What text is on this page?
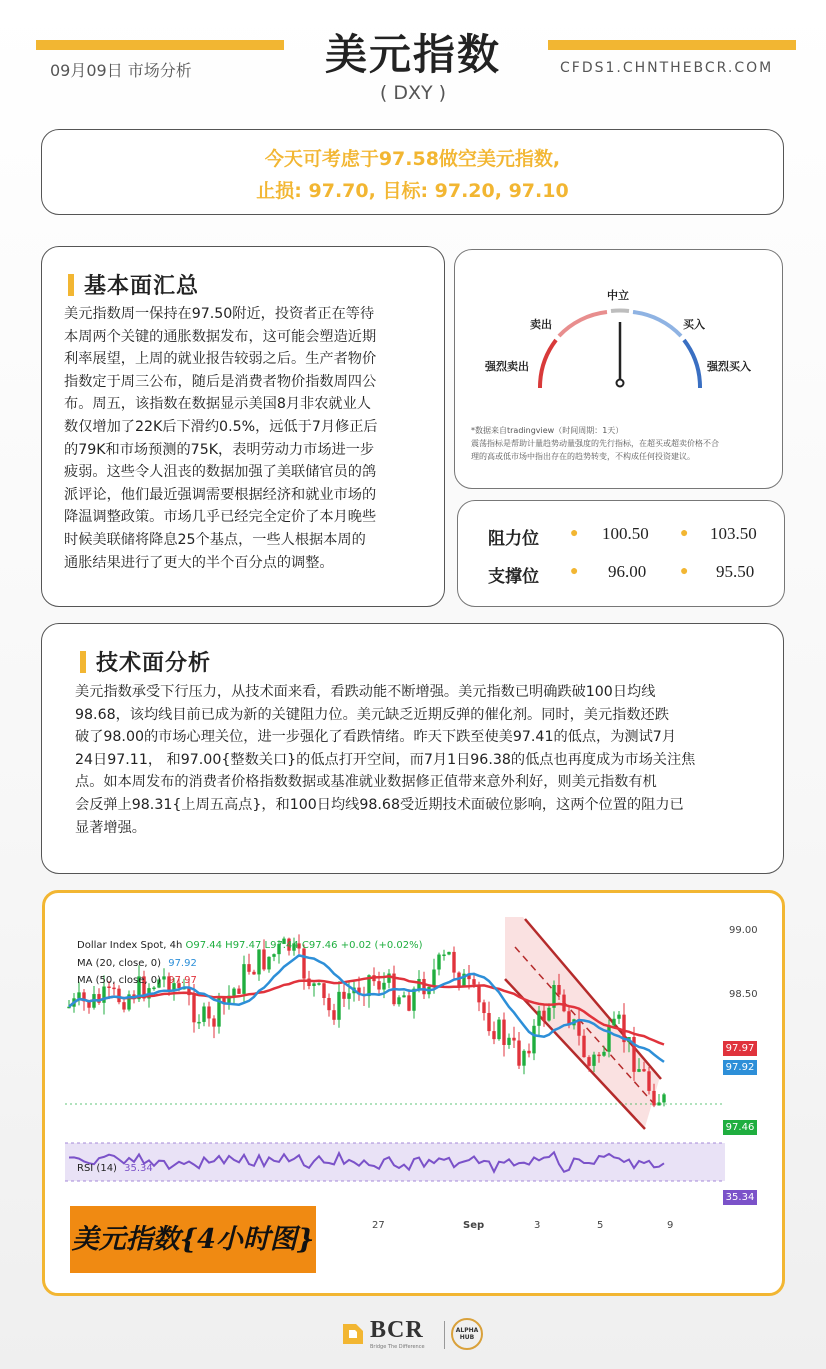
美元指数
( DXY )
09月09日 市场分析	CFDS1.CHNTHEBCR.COM
今天可考虑于97.58做空美元指数,
止损: 97.70, 目标: 97.20, 97.10
基本面汇总
美元指数周一保持在97.50附近，投资者正在等待
本周两个关键的通胀数据发布，这可能会塑造近期
利率展望，上周的就业报告较弱之后。生产者物价
指数定于周三公布，随后是消费者物价指数周四公
布。周五，该指数在数据显示美国8月非农就业人
数仅增加了22K后下滑约0.5%，远低于7月修正后
的79K和市场预测的75K，表明劳动力市场进一步
疲弱。这些令人沮丧的数据加强了美联储官员的鸽
派评论，他们最近强调需要根据经济和就业市场的
降温调整政策。市场几乎已经完全定价了本月晚些
时候美联储将降息25个基点，一些人根据本周的
通胀结果进行了更大的半个百分点的调整。
中立
卖出	买入
强烈卖出	强烈买入
*数据来自tradingview（时间周期：1天）
震荡指标是帮助计量趋势动量强度的先行指标，在超买或超卖价格不合
理的高或低市场中指出存在的趋势转变，不构成任何投资建议。
阻力位 ● 100.50 ● 103.50
支撑位 ● 96.00 ● 95.50
技术面分析
美元指数承受下行压力，从技术面来看，看跌动能不断增强。美元指数已明确跌破100日均线
98.68，该均线目前已成为新的关键阻力位。美元缺乏近期反弹的催化剂。同时，美元指数还跌
破了98.00的市场心理关位，进一步强化了看跌情绪。昨天下跌至使美97.41的低点，为测试7月
24日97.11， 和97.00{整数关口}的低点打开空间，而7月1日96.38的低点也再度成为市场关注焦
点。如本周发布的消费者价格指数数据或基准就业数据修正值带来意外利好，则美元指数有机
会反弹上98.31{上周五高点}，和100日均线98.68受近期技术面破位影响，这两个位置的阻力已
显著增强。
Dollar Index Spot, 4h O97.44 H97.47 L97.44 C97.46 +0.02 (+0.02%)
MA (20, close, 0) 97.92
MA (50, close, 0) 97.97
RSI (14) 35.34
99.00
98.50
97.97
97.92
97.46
35.34
27	Sep	3	5	9
美元指数{4小时图}
BCR
Bridge The Difference
ALPHA
HUB
